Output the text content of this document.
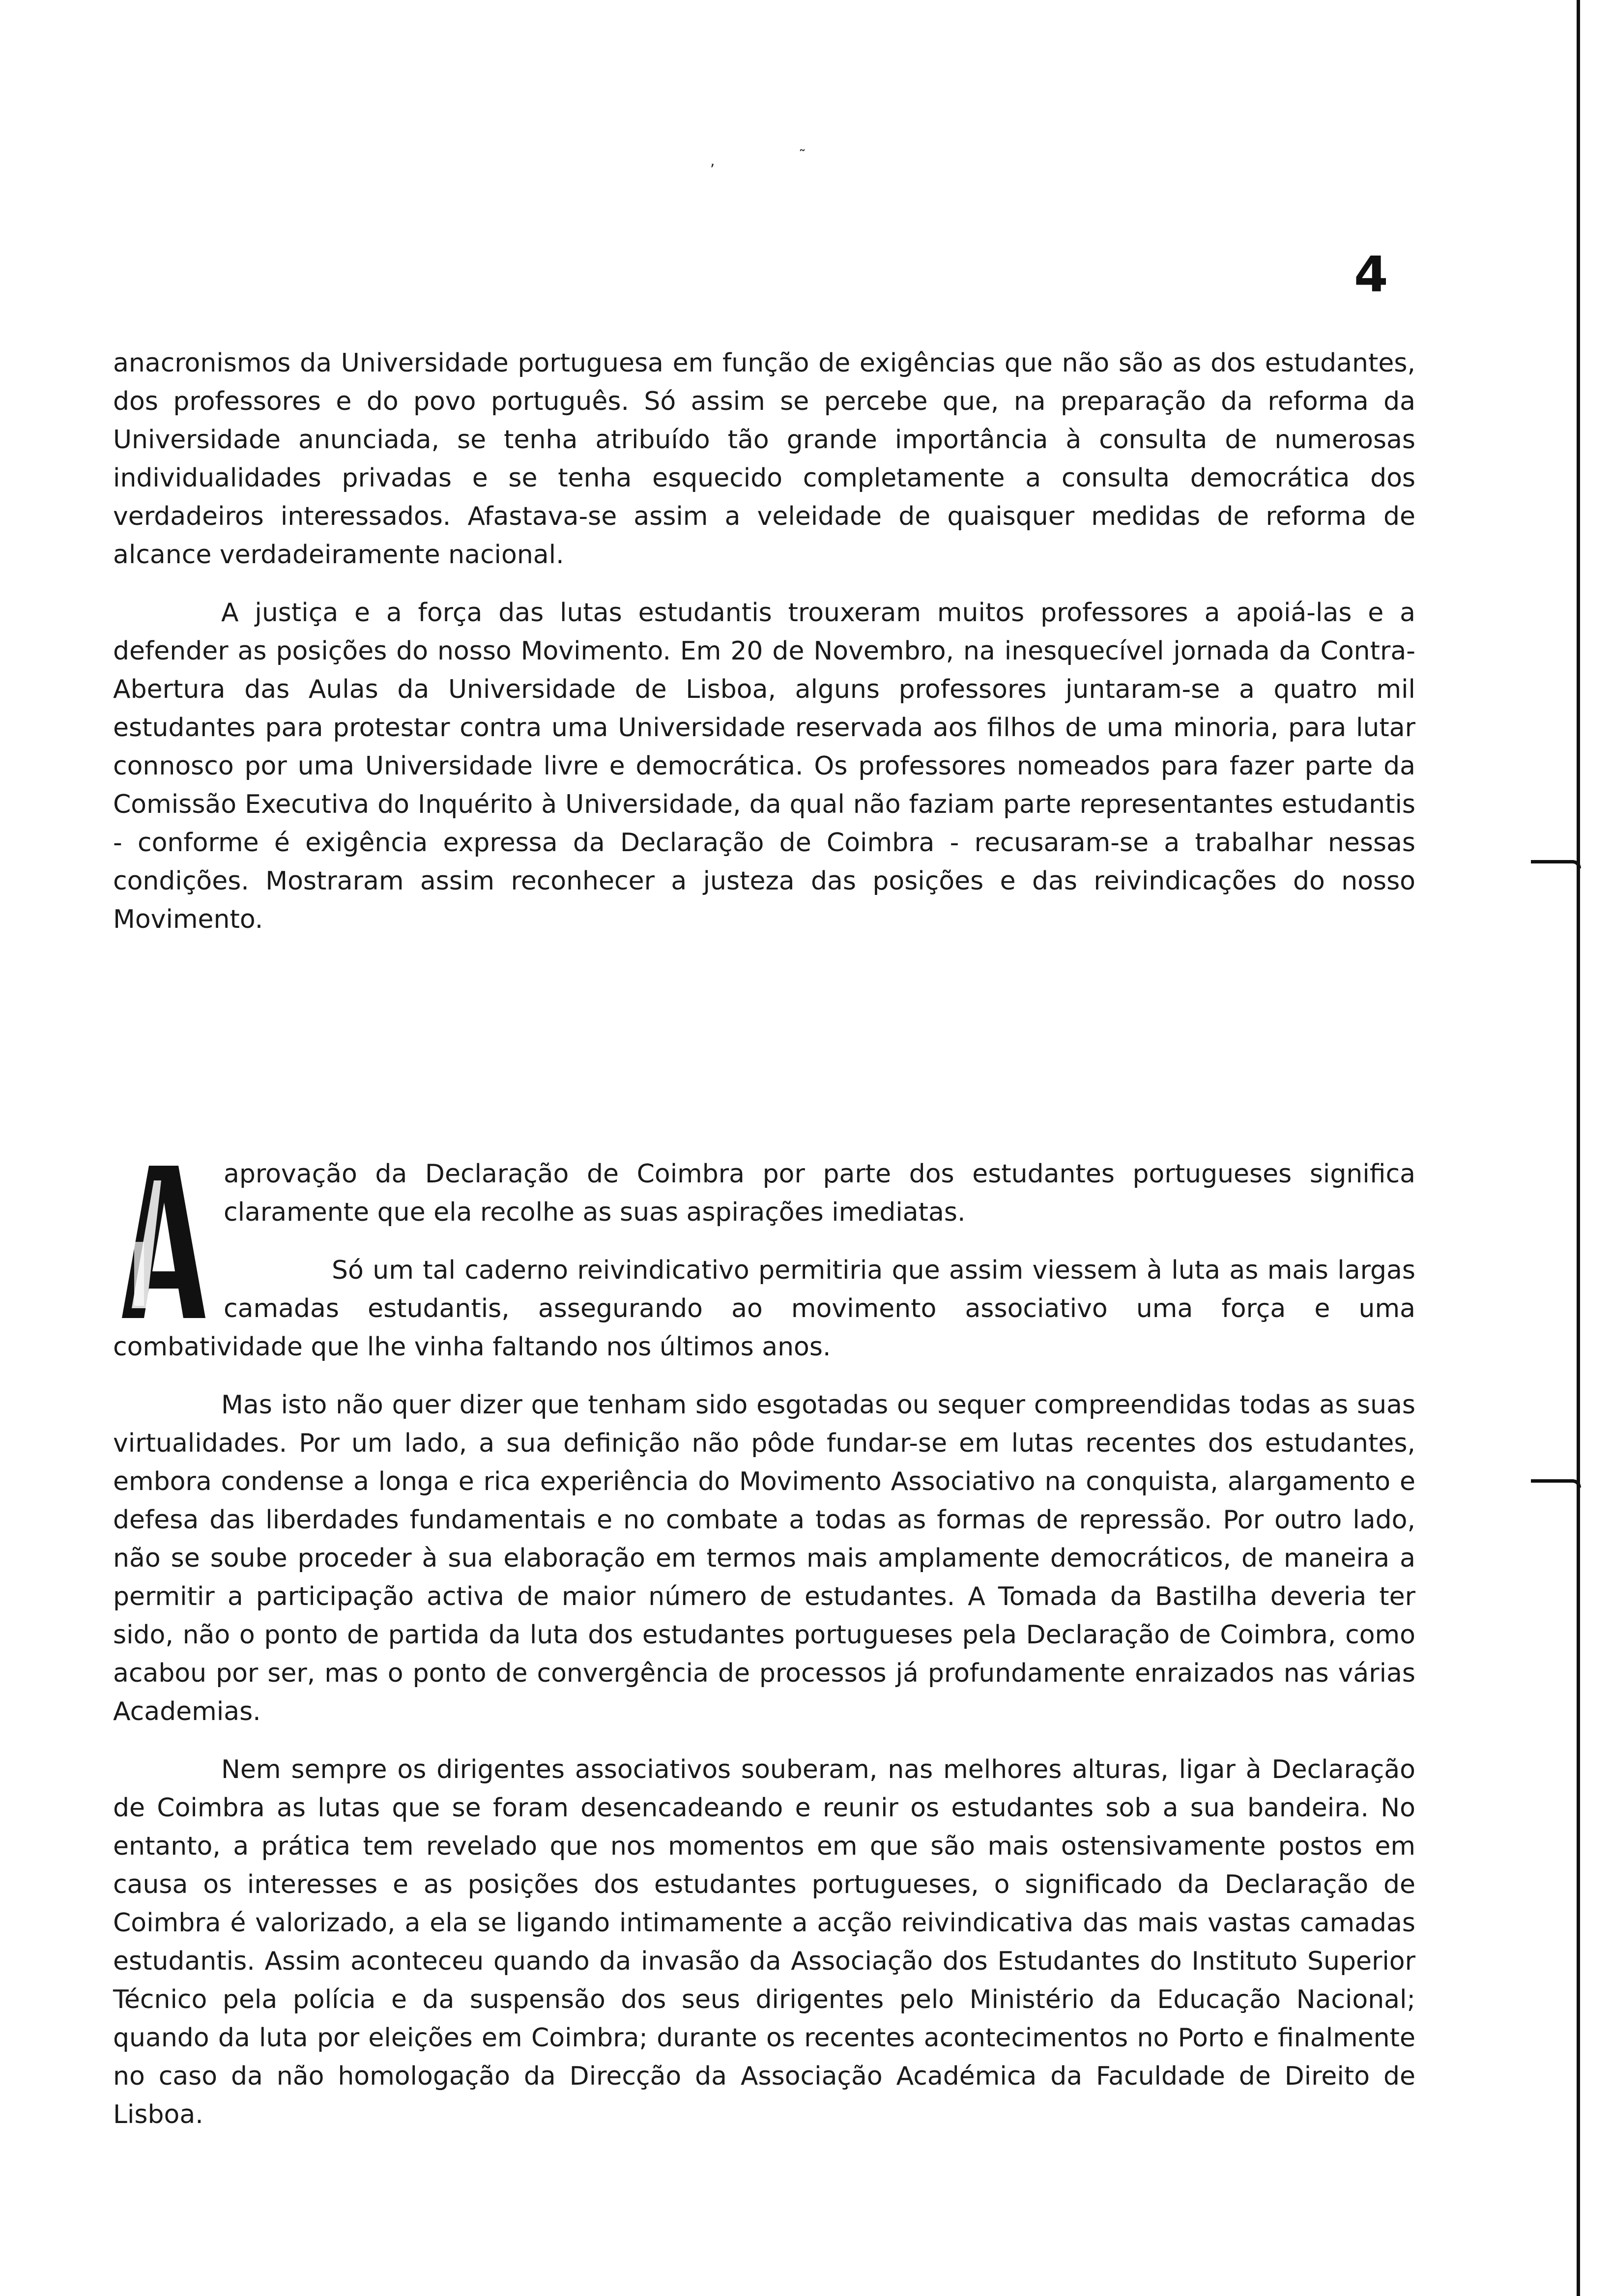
,	˜
4

anacronismos da Universidade portuguesa em função de exigências que não são as dos estudantes, dos professores e do povo português. Só assim se percebe que, na preparação da reforma da Universidade anunciada, se tenha atribuído tão grande importância à consulta de numerosas individualidades privadas e se tenha esquecido completamente a consulta democrática dos verdadeiros interessados. Afastava-se assim a veleidade de quaisquer medidas de reforma de alcance verdadeiramente nacional.

A justiça e a força das lutas estudantis trouxeram muitos professores a apoiá-las e a defender as posições do nosso Movimento. Em 20 de Novembro, na inesquecível jornada da Contra-Abertura das Aulas da Universidade de Lisboa, alguns professores juntaram-se a quatro mil estudantes para protestar contra uma Universidade reservada aos filhos de uma minoria, para lutar connosco por uma Universidade livre e democrática. Os professores nomeados para fazer parte da Comissão Executiva do Inquérito à Universidade, da qual não faziam parte representantes estudantis - conforme é exigência expressa da Declaração de Coimbra - recusaram-se a trabalhar nessas condições. Mostraram assim reconhecer a justeza das posições e das reivindicações do nosso Movimento.

aprovação da Declaração de Coimbra por parte dos estudantes portugueses significa claramente que ela recolhe as suas aspirações imediatas.

Só um tal caderno reivindicativo permitiria que assim viessem à luta as mais largas camadas estudantis, assegurando ao movimento associativo uma força e uma combatividade que lhe vinha faltando nos últimos anos.

Mas isto não quer dizer que tenham sido esgotadas ou sequer compreendidas todas as suas virtualidades. Por um lado, a sua definição não pôde fundar-se em lutas recentes dos estudantes, embora condense a longa e rica experiência do Movimento Associativo na conquista, alargamento e defesa das liberdades fundamentais e no combate a todas as formas de repressão. Por outro lado, não se soube proceder à sua elaboração em termos mais amplamente democráticos, de maneira a permitir a participação activa de maior número de estudantes. A Tomada da Bastilha deveria ter sido, não o ponto de partida da luta dos estudantes portugueses pela Declaração de Coimbra, como acabou por ser, mas o ponto de convergência de processos já profundamente enraizados nas várias Academias.

Nem sempre os dirigentes associativos souberam, nas melhores alturas, ligar à Declaração de Coimbra as lutas que se foram desencadeando e reunir os estudantes sob a sua bandeira. No entanto, a prática tem revelado que nos momentos em que são mais ostensivamente postos em causa os interesses e as posições dos estudantes portugueses, o significado da Declaração de Coimbra é valorizado, a ela se ligando intimamente a acção reivindicativa das mais vastas camadas estudantis. Assim aconteceu quando da invasão da Associação dos Estudantes do Instituto Superior Técnico pela polícia e da suspensão dos seus dirigentes pelo Ministério da Educação Nacional; quando da luta por eleições em Coimbra; durante os recentes acontecimentos no Porto e finalmente no caso da não homologação da Direcção da Associação Académica da Faculdade de Direito de Lisboa.
